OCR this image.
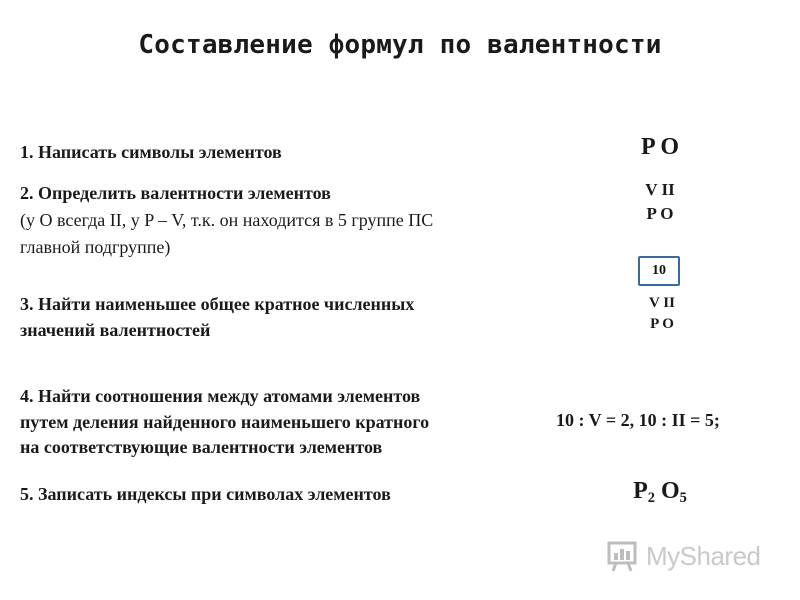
Составление формул по валентности
1. Написать символы элементов	P O
2. Определить валентности элементов
(у O всегда II, у P – V, т.к. он находится в 5 группе ПС
главной подгруппе)
V II
P O
10
3. Найти наименьшее общее кратное численных
значений валентностей
V II
P O
4. Найти соотношения между атомами элементов
путем деления найденного наименьшего кратного
на соответствующие валентности элементов
10 : V = 2, 10 : II = 5;
5. Записать индексы при символах элементов	$P_2$ $O_5$
MyShared
